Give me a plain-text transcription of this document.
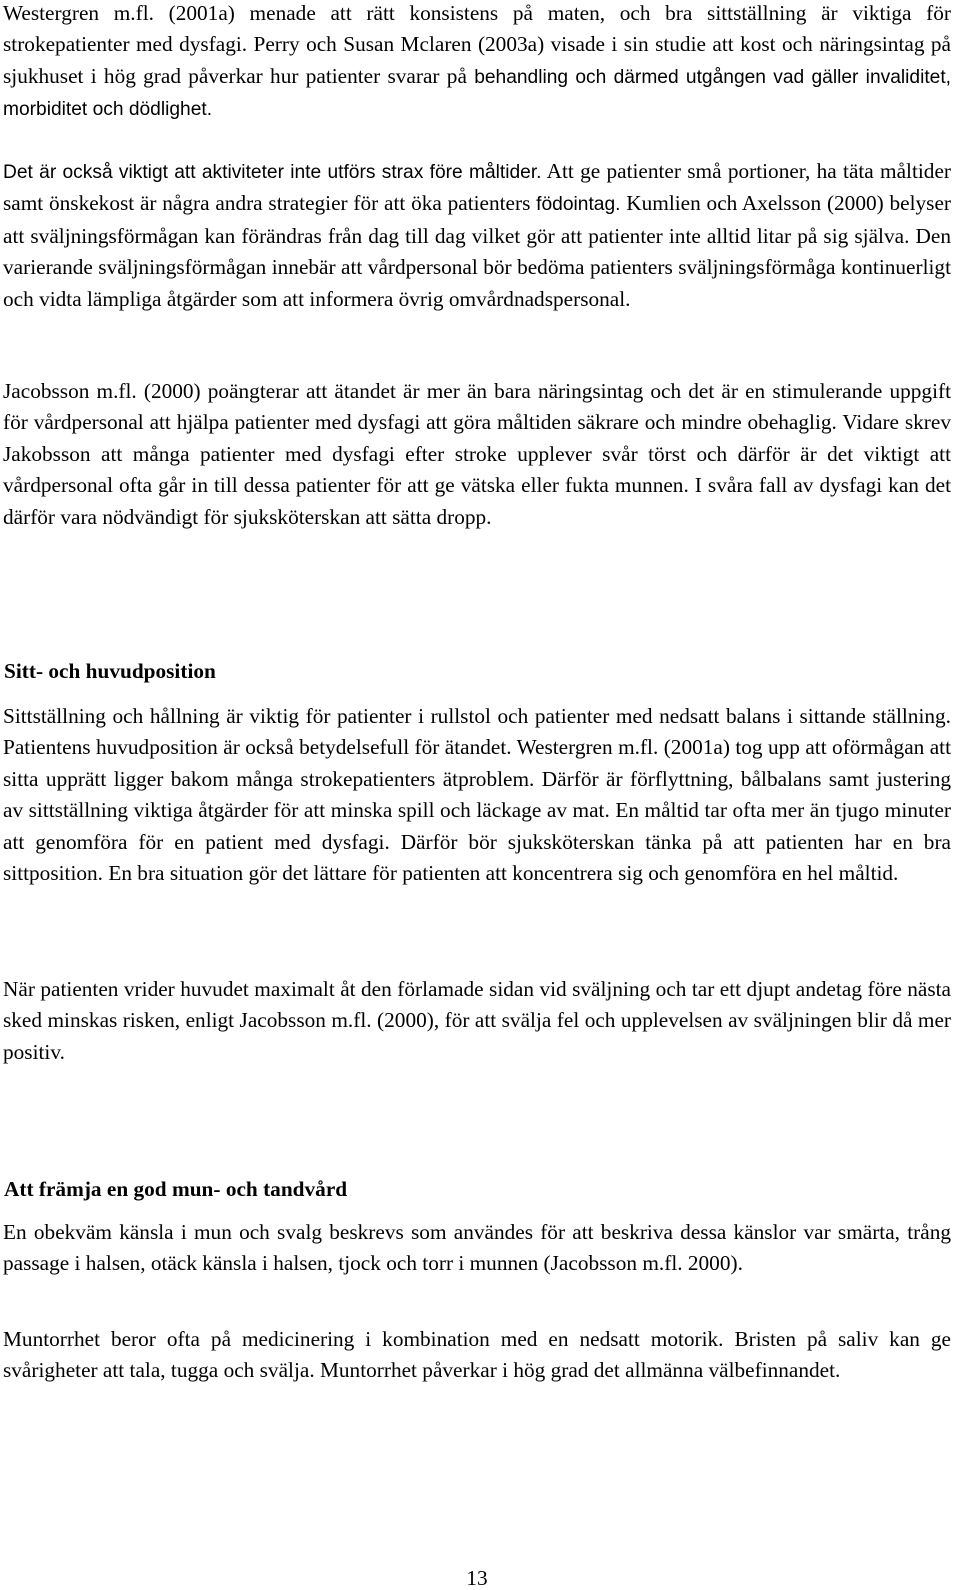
Westergren m.fl. (2001a) menade att rätt konsistens på maten, och bra sittställning är viktiga för strokepatienter med dysfagi. Perry och Susan Mclaren (2003a) visade i sin studie att kost och näringsintag på sjukhuset i hög grad påverkar hur patienter svarar på behandling och därmed utgången vad gäller invaliditet, morbiditet och dödlighet.

Det är också viktigt att aktiviteter inte utförs strax före måltider. Att ge patienter små portioner, ha täta måltider samt önskekost är några andra strategier för att öka patienters födointag. Kumlien och Axelsson (2000) belyser att sväljningsförmågan kan förändras från dag till dag vilket gör att patienter inte alltid litar på sig själva. Den varierande sväljningsförmågan innebär att vårdpersonal bör bedöma patienters sväljningsförmåga kontinuerligt och vidta lämpliga åtgärder som att informera övrig omvårdnadspersonal.

Jacobsson m.fl. (2000) poängterar att ätandet är mer än bara näringsintag och det är en stimulerande uppgift för vårdpersonal att hjälpa patienter med dysfagi att göra måltiden säkrare och mindre obehaglig. Vidare skrev Jakobsson att många patienter med dysfagi efter stroke upplever svår törst och därför är det viktigt att vårdpersonal ofta går in till dessa patienter för att ge vätska eller fukta munnen. I svåra fall av dysfagi kan det därför vara nödvändigt för sjuksköterskan att sätta dropp.

Sitt- och huvudposition

Sittställning och hållning är viktig för patienter i rullstol och patienter med nedsatt balans i sittande ställning. Patientens huvudposition är också betydelsefull för ätandet. Westergren m.fl. (2001a) tog upp att oförmågan att sitta upprätt ligger bakom många strokepatienters ätproblem. Därför är förflyttning, bålbalans samt justering av sittställning viktiga åtgärder för att minska spill och läckage av mat. En måltid tar ofta mer än tjugo minuter att genomföra för en patient med dysfagi. Därför bör sjuksköterskan tänka på att patienten har en bra sittposition. En bra situation gör det lättare för patienten att koncentrera sig och genomföra en hel måltid.

När patienten vrider huvudet maximalt åt den förlamade sidan vid sväljning och tar ett djupt andetag före nästa sked minskas risken, enligt Jacobsson m.fl. (2000), för att svälja fel och upplevelsen av sväljningen blir då mer positiv.

Att främja en god mun- och tandvård

En obekväm känsla i mun och svalg beskrevs som användes för att beskriva dessa känslor var smärta, trång passage i halsen, otäck känsla i halsen, tjock och torr i munnen (Jacobsson m.fl. 2000).

Muntorrhet beror ofta på medicinering i kombination med en nedsatt motorik. Bristen på saliv kan ge svårigheter att tala, tugga och svälja. Muntorrhet påverkar i hög grad det allmänna välbefinnandet.

13
